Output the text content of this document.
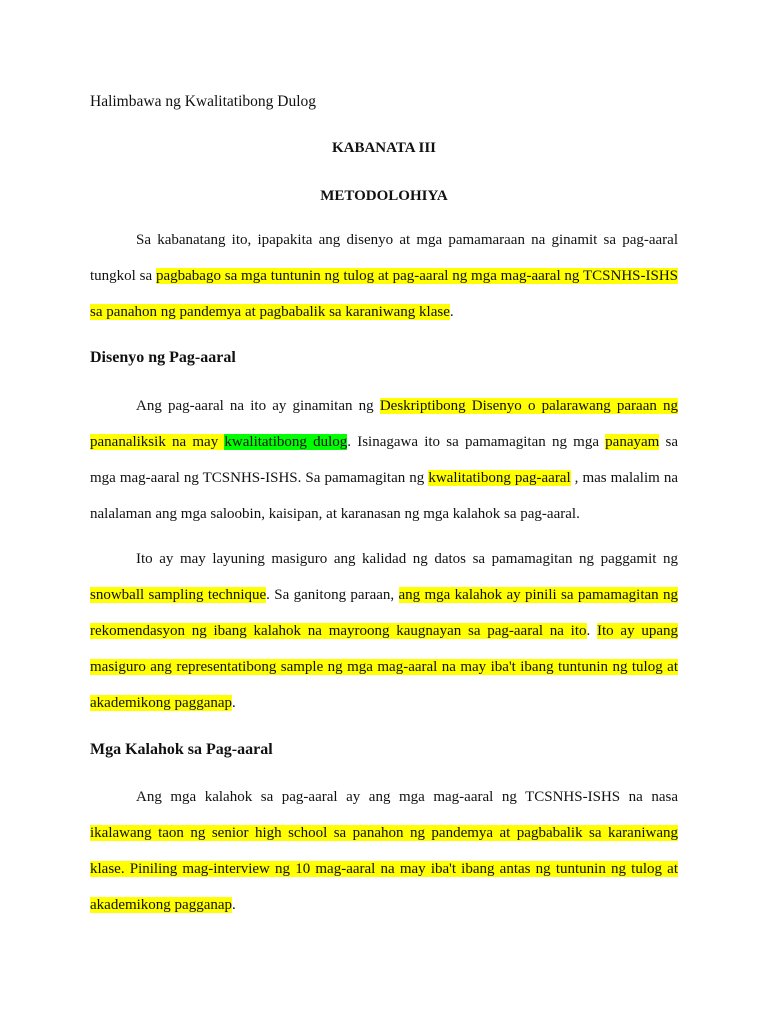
Halimbawa ng Kwalitatibong Dulog
KABANATA III
METODOLOHIYA

Sa kabanatang ito, ipapakita ang disenyo at mga pamamaraan na ginamit sa pag-aaral tungkol sa pagbabago sa mga tuntunin ng tulog at pag-aaral ng mga mag-aaral ng TCSNHS-ISHS sa panahon ng pandemya at pagbabalik sa karaniwang klase.

Disenyo ng Pag-aaral

Ang pag-aaral na ito ay ginamitan ng Deskriptibong Disenyo o palarawang paraan ng pananaliksik na may kwalitatibong dulog. Isinagawa ito sa pamamagitan ng mga panayam sa mga mag-aaral ng TCSNHS-ISHS. Sa pamamagitan ng kwalitatibong pag-aaral , mas malalim na nalalaman ang mga saloobin, kaisipan, at karanasan ng mga kalahok sa pag-aaral.

Ito ay may layuning masiguro ang kalidad ng datos sa pamamagitan ng paggamit ng snowball sampling technique. Sa ganitong paraan, ang mga kalahok ay pinili sa pamamagitan ng rekomendasyon ng ibang kalahok na mayroong kaugnayan sa pag-aaral na ito. Ito ay upang masiguro ang representatibong sample ng mga mag-aaral na may iba't ibang tuntunin ng tulog at akademikong pagganap.

Mga Kalahok sa Pag-aaral

Ang mga kalahok sa pag-aaral ay ang mga mag-aaral ng TCSNHS-ISHS na nasa ikalawang taon ng senior high school sa panahon ng pandemya at pagbabalik sa karaniwang klase. Piniling mag-interview ng 10 mag-aaral na may iba't ibang antas ng tuntunin ng tulog at akademikong pagganap.
